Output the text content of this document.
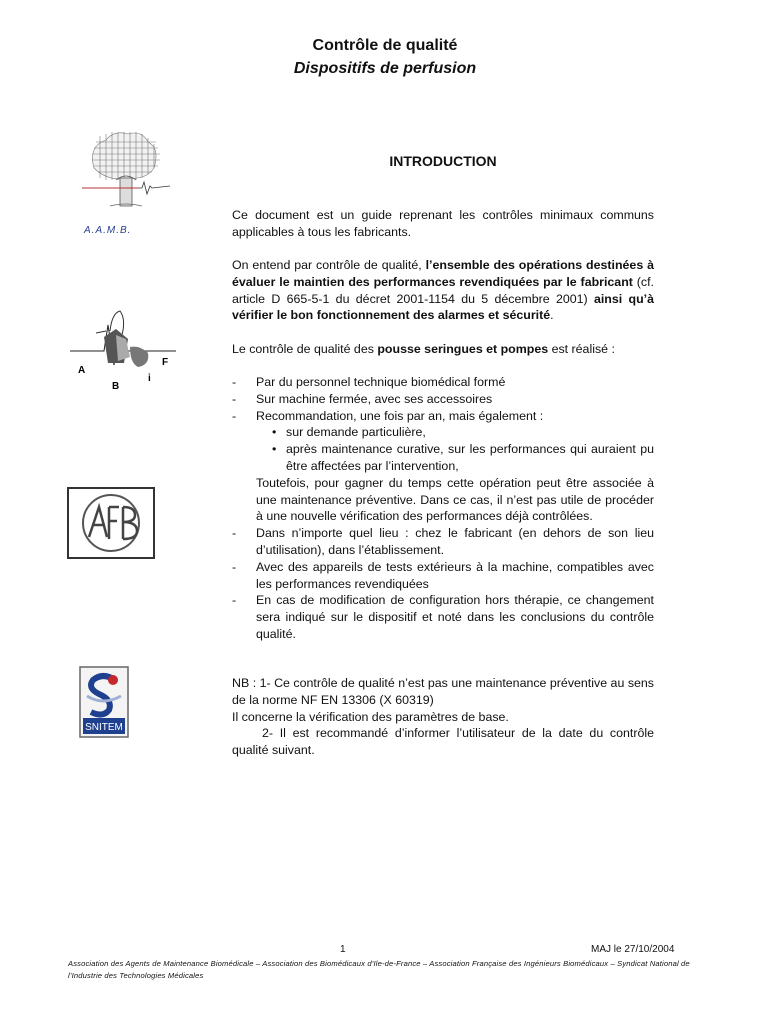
Contrôle de qualité
Dispositifs de perfusion
A.A.M.B.
A
B
i
F
SNITEM
INTRODUCTION
Ce document est un guide reprenant les contrôles minimaux communs applicables à tous les fabricants.
On entend par contrôle de qualité, l’ensemble des opérations destinées à évaluer le maintien des performances revendiquées par le fabricant (cf. article D 665-5-1 du décret 2001-1154 du 5 décembre 2001) ainsi qu’à vérifier le bon fonctionnement des alarmes et sécurité.
Le contrôle de qualité des pousse seringues et pompes est réalisé :
- Par du personnel technique biomédical formé
- Sur machine fermée, avec ses accessoires
- Recommandation, une fois par an, mais également :
• sur demande particulière,
• après maintenance curative, sur les performances qui auraient pu être affectées par l’intervention,
Toutefois, pour gagner du temps cette opération peut être associée à une maintenance préventive. Dans ce cas, il n’est pas utile de procéder à une nouvelle vérification des performances déjà contrôlées.
- Dans n’importe quel lieu : chez le fabricant (en dehors de son lieu d’utilisation), dans l’établissement.
- Avec des appareils de tests extérieurs à la machine, compatibles avec les performances revendiquées
- En cas de modification de configuration hors thérapie, ce changement sera indiqué sur le dispositif et noté dans les conclusions du contrôle qualité.
NB : 1- Ce contrôle de qualité n’est pas une maintenance préventive au sens de la norme NF EN 13306 (X 60319)
Il concerne la vérification des paramètres de base.
2- Il est recommandé d’informer l’utilisateur de la date du contrôle qualité suivant.
1	MAJ le 27/10/2004
Association des Agents de Maintenance Biomédicale – Association des Biomédicaux d’Ile-de-France – Association Française des Ingénieurs Biomédicaux – Syndicat National de l’Industrie des Technologies Médicales
